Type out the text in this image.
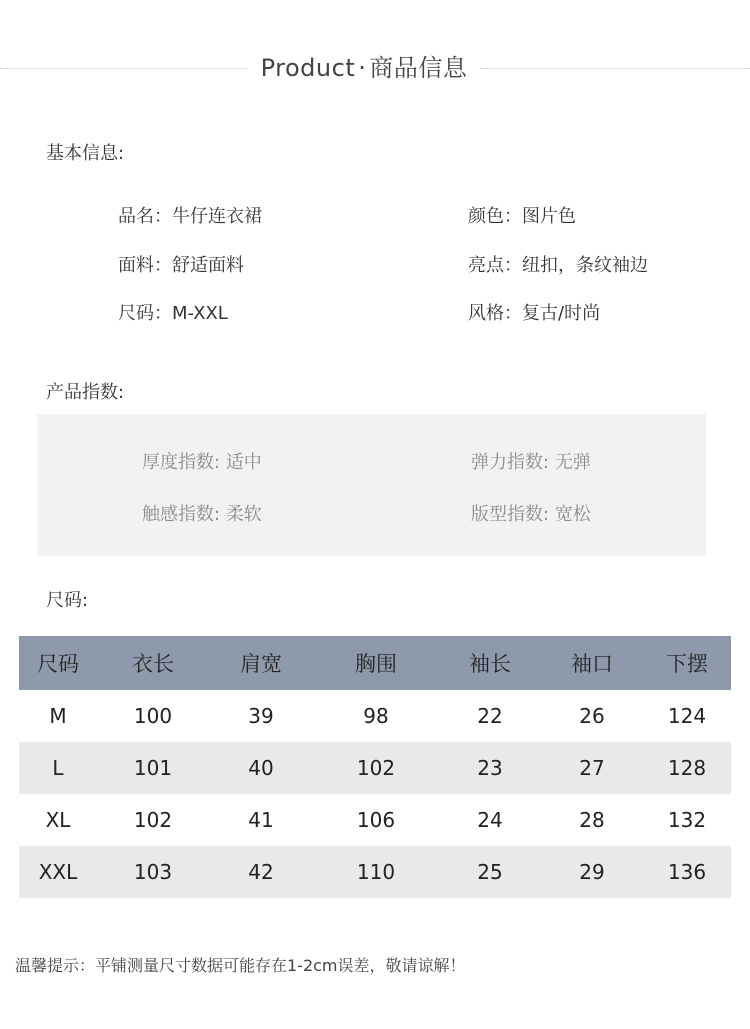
Product · 商品信息
基本信息:
品名：牛仔连衣裙	颜色：图片色
面料：舒适面料	亮点：纽扣，条纹袖边
尺码：M-XXL	风格：复古/时尚
产品指数:
厚度指数: 适中	弹力指数: 无弹
触感指数: 柔软	版型指数: 宽松
尺码:
尺码	衣长	肩宽	胸围	袖长	袖口	下摆
M	100	39	98	22	26	124
L	101	40	102	23	27	128
XL	102	41	106	24	28	132
XXL	103	42	110	25	29	136
温馨提示：平铺测量尺寸数据可能存在1-2cm误差，敬请谅解！
